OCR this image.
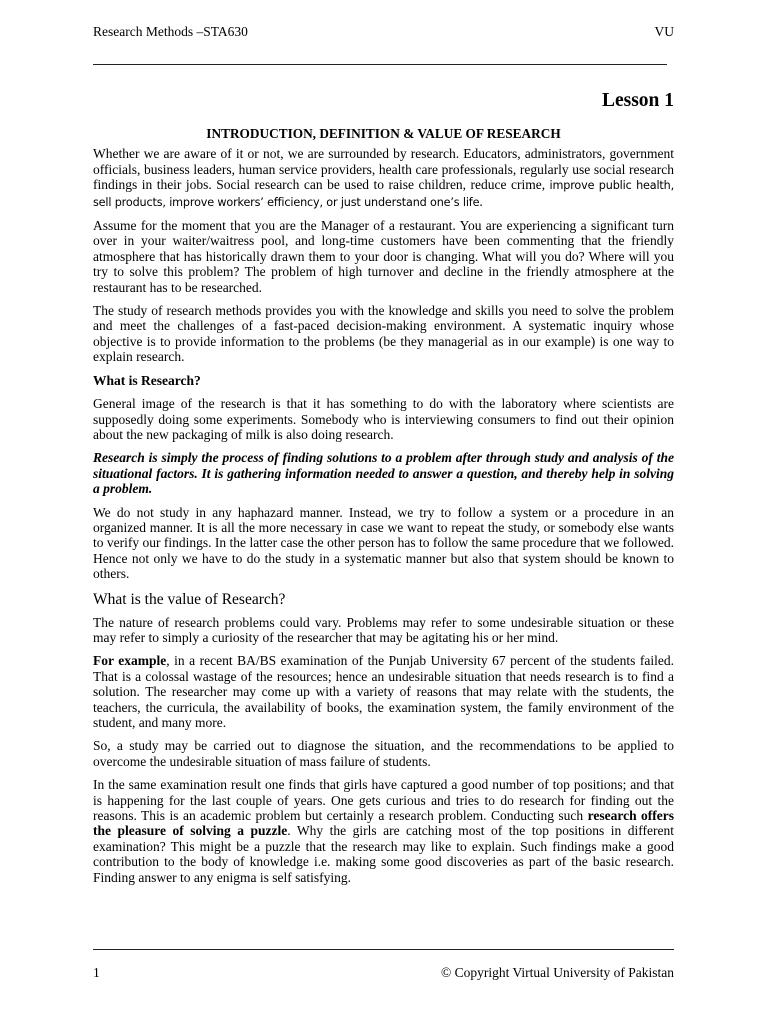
Research Methods –STA630	VU
Lesson 1

INTRODUCTION, DEFINITION & VALUE OF RESEARCH

Whether we are aware of it or not, we are surrounded by research. Educators, administrators, government officials, business leaders, human service providers, health care professionals, regularly use social research findings in their jobs. Social research can be used to raise children, reduce crime, improve public health, sell products, improve workers’ efficiency, or just understand one’s life.

Assume for the moment that you are the Manager of a restaurant. You are experiencing a significant turn over in your waiter/waitress pool, and long-time customers have been commenting that the friendly atmosphere that has historically drawn them to your door is changing. What will you do? Where will you try to solve this problem? The problem of high turnover and decline in the friendly atmosphere at the restaurant has to be researched.

The study of research methods provides you with the knowledge and skills you need to solve the problem and meet the challenges of a fast-paced decision-making environment. A systematic inquiry whose objective is to provide information to the problems (be they managerial as in our example) is one way to explain research.

What is Research?

General image of the research is that it has something to do with the laboratory where scientists are supposedly doing some experiments. Somebody who is interviewing consumers to find out their opinion about the new packaging of milk is also doing research.

Research is simply the process of finding solutions to a problem after through study and analysis of the situational factors. It is gathering information needed to answer a question, and thereby help in solving a problem.

We do not study in any haphazard manner. Instead, we try to follow a system or a procedure in an organized manner. It is all the more necessary in case we want to repeat the study, or somebody else wants to verify our findings. In the latter case the other person has to follow the same procedure that we followed. Hence not only we have to do the study in a systematic manner but also that system should be known to others.

What is the value of Research?

The nature of research problems could vary. Problems may refer to some undesirable situation or these may refer to simply a curiosity of the researcher that may be agitating his or her mind.

For example, in a recent BA/BS examination of the Punjab University 67 percent of the students failed. That is a colossal wastage of the resources; hence an undesirable situation that needs research is to find a solution. The researcher may come up with a variety of reasons that may relate with the students, the teachers, the curricula, the availability of books, the examination system, the family environment of the student, and many more.

So, a study may be carried out to diagnose the situation, and the recommendations to be applied to overcome the undesirable situation of mass failure of students.

In the same examination result one finds that girls have captured a good number of top positions; and that is happening for the last couple of years. One gets curious and tries to do research for finding out the reasons. This is an academic problem but certainly a research problem. Conducting such research offers the pleasure of solving a puzzle. Why the girls are catching most of the top positions in different examination? This might be a puzzle that the research may like to explain. Such findings make a good contribution to the body of knowledge i.e. making some good discoveries as part of the basic research. Finding answer to any enigma is self satisfying.

1	© Copyright Virtual University of Pakistan
